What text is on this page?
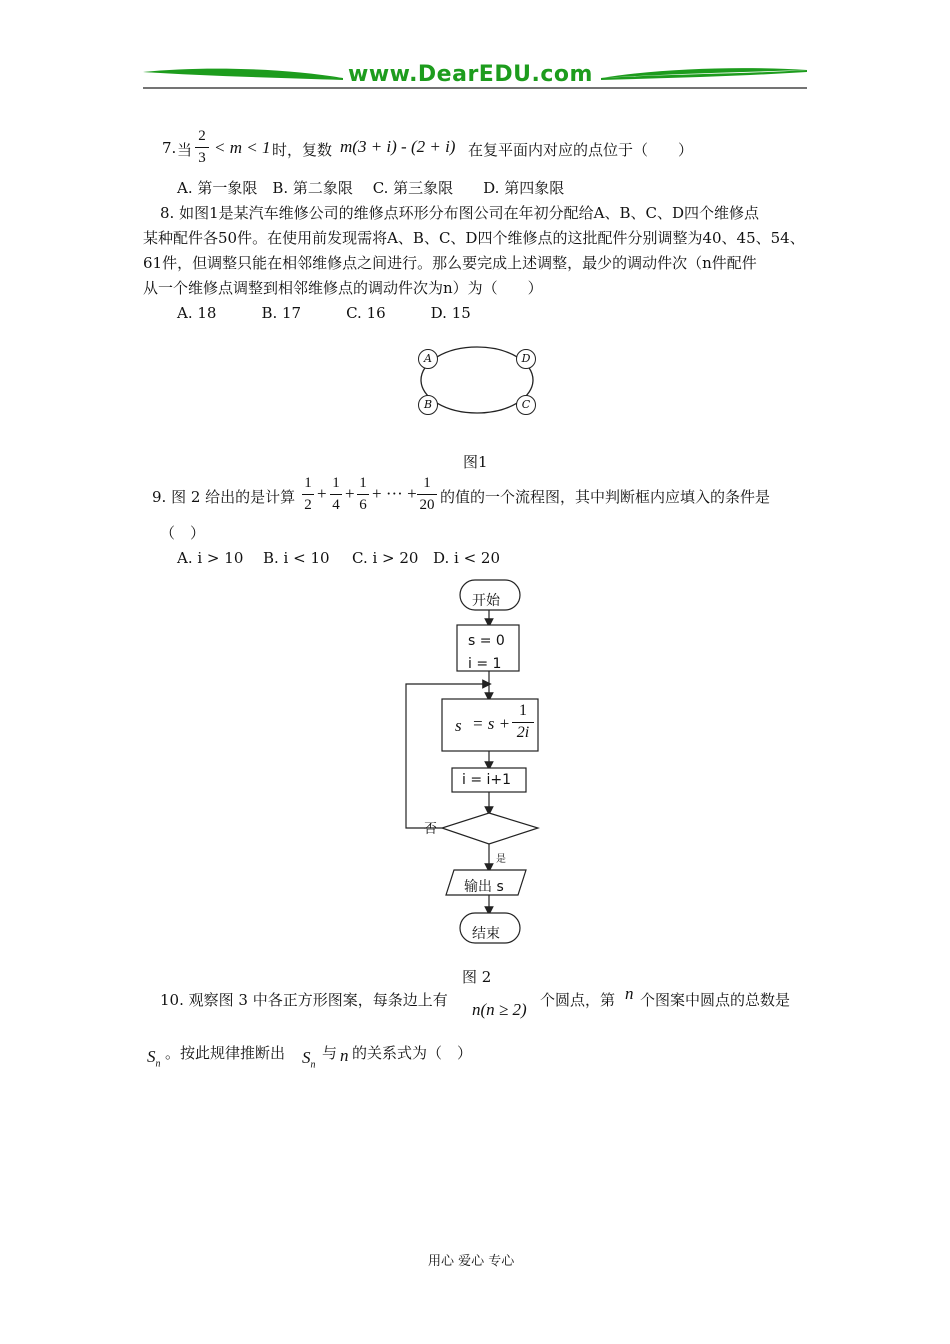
www.DearEDU.com
7. 当
2
3
< m < 1 时，复数 m(3 + i) - (2 + i) 在复平面内对应的点位于（　　）
A. 第一象限　B. 第二象限　 C. 第三象限　　D. 第四象限
8. 如图1是某汽车维修公司的维修点环形分布图公司在年初分配给A、B、C、D四个维修点
某种配件各50件。在使用前发现需将A、B、C、D四个维修点的这批配件分别调整为40、45、54、
61件，但调整只能在相邻维修点之间进行。那么要完成上述调整，最少的调动件次（n件配件
从一个维修点调整到相邻维修点的调动件次为n）为（　　）
A. 18　　　B. 17　　　C. 16　　　D. 15
A	D
B	C
图1
9. 图 2 给出的是计算
1
2
+
1
4
+
1
6
+ ··· +
1
20 的值的一个流程图，其中判断框内应填入的条件是
（　）
A. i > 10 B. i < 10 C. i > 20 D. i < 20
开始
s = 0
i = 1
s = s +
1
2i
i = i+1
否
是
输出 s
结束
图 2
10. 观察图 3 中各正方形图案，每条边上有 n(n ≥ 2) 个圆点，第 n 个图案中圆点的总数是
$S_n$
。按此规律推断出 $S_n$
与 n 的关系式为（　）
用心 爱心 专心
